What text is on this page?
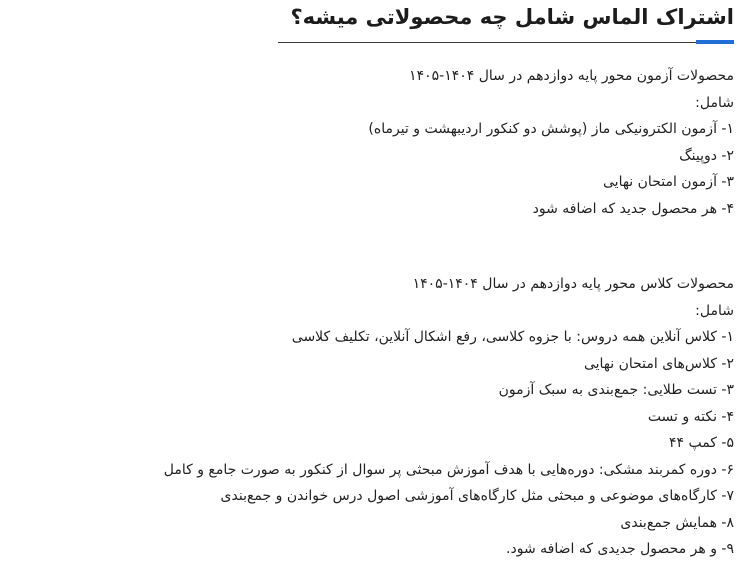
اشتراک الماس شامل چه محصولاتی میشه؟
محصولات آزمون محور پایه دوازدهم در سال ۱۴۰۴-۱۴۰۵
شامل:
۱- آزمون الکترونیکی ماز (پوشش دو کنکور اردیبهشت و تیرماه)
۲- دوپینگ
۳- آزمون امتحان نهایی
۴- هر محصول جدید که اضافه شود
محصولات کلاس محور پایه دوازدهم در سال ۱۴۰۴-۱۴۰۵
شامل:
۱- کلاس آنلاین همه دروس: با جزوه کلاسی، رفع اشکال آنلاین، تکلیف کلاسی
۲- کلاس‌های امتحان نهایی
۳- تست طلایی: جمع‌بندی به سبک آزمون
۴- نکته و تست
۵- کمپ ۴۴
۶- دوره کمربند مشکی: دوره‌هایی با هدف آموزش مبحثی پر سوال از کنکور به صورت جامع و کامل
۷- کارگاه‌های موضوعی و مبحثی مثل کارگاه‌های آموزشی اصول درس خواندن و جمع‌بندی
۸- همایش جمع‌بندی
۹- و هر محصول جدیدی که اضافه شود.
